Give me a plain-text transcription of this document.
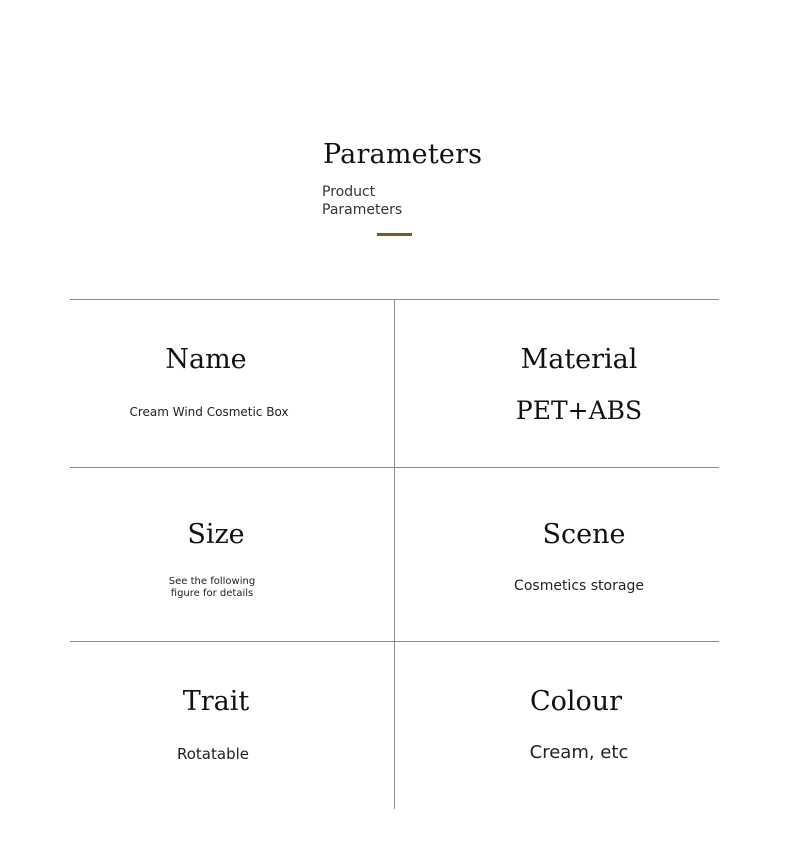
Parameters
Product Parameters
Name
Cream Wind Cosmetic Box
Material
PET+ABS
Size
See the following figure for details
Scene
Cosmetics storage
Trait
Rotatable
Colour
Cream, etc
